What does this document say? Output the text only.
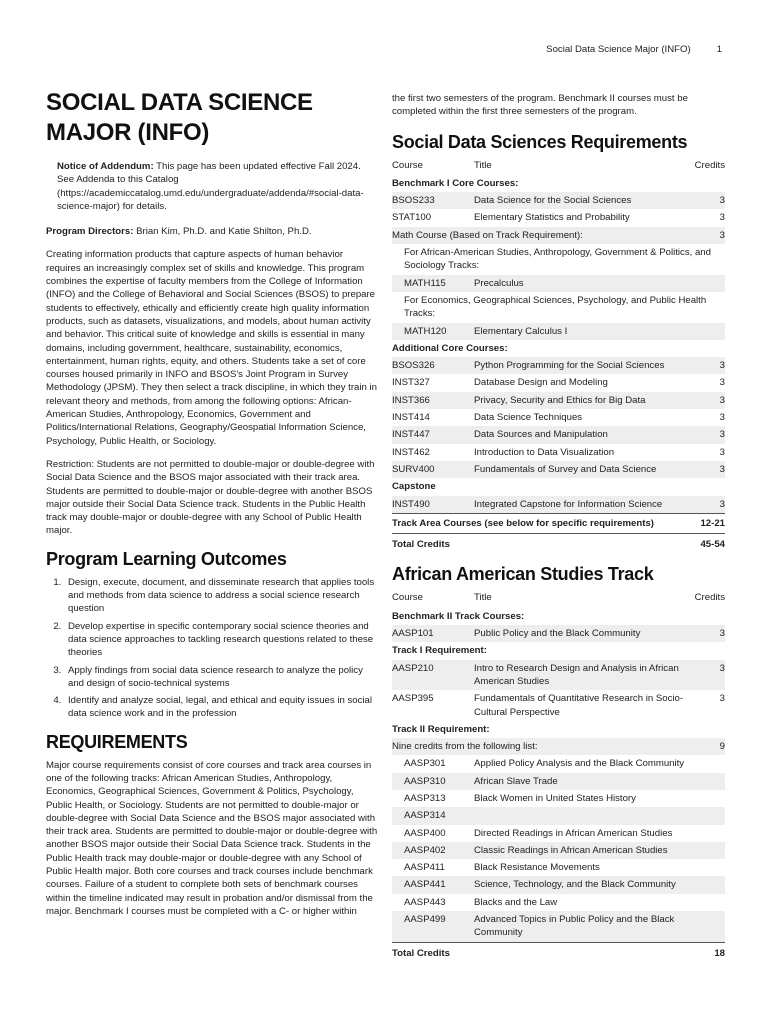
Social Data Science Major (INFO)	1
SOCIAL DATA SCIENCE MAJOR (INFO)
Notice of Addendum: This page has been updated effective Fall 2024. See Addenda to this Catalog (https://academiccatalog.umd.edu/undergraduate/addenda/#social-data-science-major) for details.

Program Directors: Brian Kim, Ph.D. and Katie Shilton, Ph.D.

Creating information products that capture aspects of human behavior requires an increasingly complex set of skills and knowledge. This program combines the expertise of faculty members from the College of Information (INFO) and the College of Behavioral and Social Sciences (BSOS) to prepare students to effectively, ethically and efficiently create high quality information products, such as datasets, visualizations, and models, about human activity and behavior. This critical suite of knowledge and skills is essential in many domains, including government, healthcare, sustainability, economics, entertainment, human rights, equity, and others. Students take a set of core courses housed primarily in INFO and BSOS's Joint Program in Survey Methodology (JPSM). They then select a track discipline, in which they train in relevant theory and methods, from among the following options: African-American Studies, Anthropology, Economics, Government and Politics/International Relations, Geography/Geospatial Information Science, Psychology, Public Health, or Sociology.

Restriction: Students are not permitted to double-major or double-degree with Social Data Science and the BSOS major associated with their track area. Students are permitted to double-major or double-degree with another BSOS major outside their Social Data Science track. Students in the Public Health track may double-major or double-degree with any School of Public Health major.

Program Learning Outcomes
1. Design, execute, document, and disseminate research that applies tools and methods from data science to address a social science research question
2. Develop expertise in specific contemporary social science theories and data science approaches to tackling research questions related to these theories
3. Apply findings from social data science research to analyze the policy and design of socio-technical systems
4. Identify and analyze social, legal, and ethical and equity issues in social data science work and in the profession
REQUIREMENTS

Major course requirements consist of core courses and track area courses in one of the following tracks: African American Studies, Anthropology, Economics, Geographical Sciences, Government & Politics, Psychology, Public Health, or Sociology. Students are not permitted to double-major or double-degree with Social Data Science and the BSOS major associated with their track area. Students are permitted to double-major or double-degree with another BSOS major outside their Social Data Science track. Students in the Public Health track may double-major or double-degree with any School of Public Health major. Both core courses and track courses include benchmark courses. Failure of a student to complete both sets of benchmark courses within the timeline indicated may result in probation and/or dismissal from the major. Benchmark I courses must be completed with a C- or higher within

the first two semesters of the program. Benchmark II courses must be completed within the first three semesters of the program.

Social Data Sciences Requirements
Course	Title	Credits
Benchmark I Core Courses:		
BSOS233	Data Science for the Social Sciences	3
STAT100	Elementary Statistics and Probability	3
Math Course (Based on Track Requirement):		3
For African-American Studies, Anthropology, Government & Politics, and Sociology Tracks:		
MATH115	Precalculus	
For Economics, Geographical Sciences, Psychology, and Public Health Tracks:		
MATH120	Elementary Calculus I	
Additional Core Courses:		
BSOS326	Python Programming for the Social Sciences	3
INST327	Database Design and Modeling	3
INST366	Privacy, Security and Ethics for Big Data	3
INST414	Data Science Techniques	3
INST447	Data Sources and Manipulation	3
INST462	Introduction to Data Visualization	3
SURV400	Fundamentals of Survey and Data Science	3
Capstone		
INST490	Integrated Capstone for Information Science	3
Track Area Courses (see below for specific requirements)		12-21
Total Credits		45-54
African American Studies Track
Course	Title	Credits
Benchmark II Track Courses:		
AASP101	Public Policy and the Black Community	3
Track I Requirement:		
AASP210	Intro to Research Design and Analysis in African American Studies	3
AASP395	Fundamentals of Quantitative Research in Socio-Cultural Perspective	3
Track II Requirement:		
Nine credits from the following list:		9
AASP301	Applied Policy Analysis and the Black Community	
AASP310	African Slave Trade	
AASP313	Black Women in United States History	
AASP314		
AASP400	Directed Readings in African American Studies	
AASP402	Classic Readings in African American Studies	
AASP411	Black Resistance Movements	
AASP441	Science, Technology, and the Black Community	
AASP443	Blacks and the Law	
AASP499	Advanced Topics in Public Policy and the Black Community	
Total Credits		18
